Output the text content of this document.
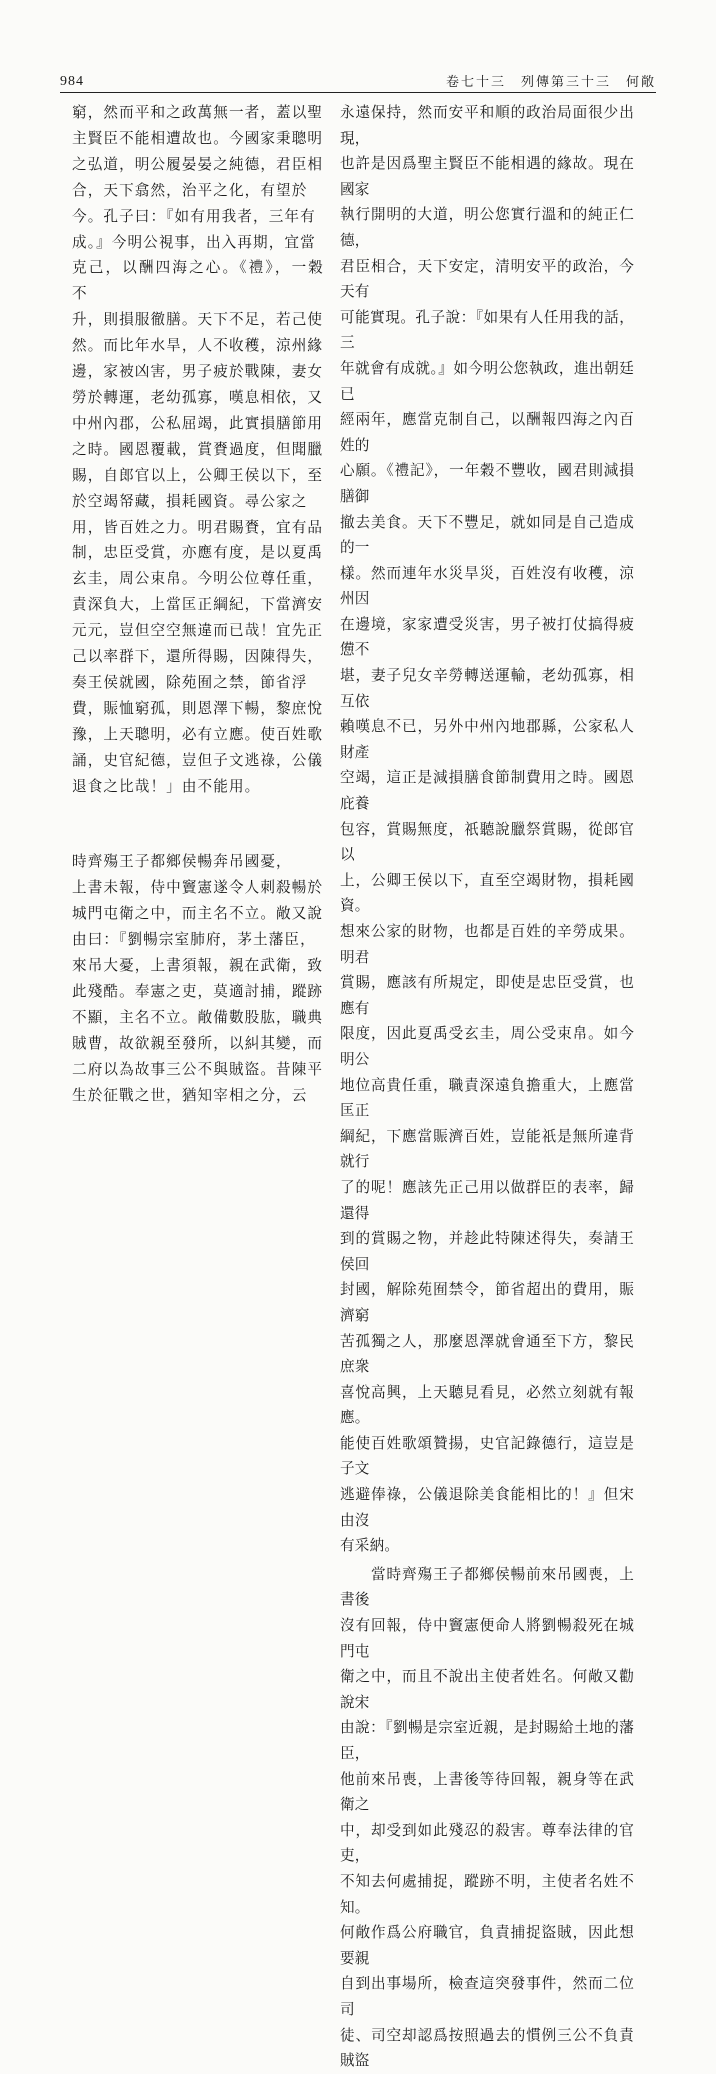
984	卷七十三　列傳第三十三　何敞

窮，然而平和之政萬無一者，蓋以聖
主賢臣不能相遭故也。今國家秉聰明
之弘道，明公履晏晏之純德，君臣相
合，天下翕然，治平之化，有望於
今。孔子曰：『如有用我者，三年有
成。』今明公視事，出入再期，宜當
克己，以酬四海之心。《禮》，一穀不
升，則損服徹膳。天下不足，若己使
然。而比年水旱，人不收穫，涼州緣
邊，家被凶害，男子疲於戰陳，妻女
勞於轉運，老幼孤寡，嘆息相依，又
中州內郡，公私屈竭，此實損膳節用
之時。國恩覆載，賞賚過度，但聞臘
賜，自郎官以上，公卿王侯以下，至
於空竭帑藏，損耗國資。尋公家之
用，皆百姓之力。明君賜賚，宜有品
制，忠臣受賞，亦應有度，是以夏禹
玄圭，周公束帛。今明公位尊任重，
責深負大，上當匡正綱紀，下當濟安
元元，豈但空空無違而已哉！宜先正
己以率群下，還所得賜，因陳得失，
奏王侯就國，除苑囿之禁，節省浮
費，賑恤窮孤，則恩澤下暢，黎庶悅
豫，上天聰明，必有立應。使百姓歌
誦，史官紀德，豈但子文逃祿，公儀
退食之比哉！」由不能用。

時齊殤王子都鄉侯暢奔吊國憂，
上書未報，侍中竇憲遂令人刺殺暢於
城門屯衛之中，而主名不立。敞又說
由曰：『劉暢宗室肺府，茅土藩臣，
來吊大憂，上書須報，親在武衛，致
此殘酷。奉憲之吏，莫適討捕，蹤跡
不顯，主名不立。敞備數股肱，職典
賊曹，故欲親至發所，以糾其變，而
二府以為故事三公不與賊盜。昔陳平
生於征戰之世，猶知宰相之分，云

永遠保持，然而安平和順的政治局面很少出現，
也許是因爲聖主賢臣不能相遇的緣故。現在國家
執行開明的大道，明公您實行溫和的純正仁德，
君臣相合，天下安定，清明安平的政治，今天有
可能實現。孔子說：『如果有人任用我的話，三
年就會有成就。』如今明公您執政，進出朝廷已
經兩年，應當克制自己，以酬報四海之內百姓的
心願。《禮記》，一年穀不豐收，國君則減損膳御
撤去美食。天下不豐足，就如同是自己造成的一
樣。然而連年水災旱災，百姓沒有收穫，涼州因
在邊境，家家遭受災害，男子被打仗搞得疲憊不
堪，妻子兒女辛勞轉送運輸，老幼孤寡，相互依
賴嘆息不已，另外中州內地郡縣，公家私人財產
空竭，這正是減損膳食節制費用之時。國恩庇養
包容，賞賜無度，祇聽說臘祭賞賜，從郎官以
上，公卿王侯以下，直至空竭財物，損耗國資。
想來公家的財物，也都是百姓的辛勞成果。明君
賞賜，應該有所規定，即使是忠臣受賞，也應有
限度，因此夏禹受玄圭，周公受束帛。如今明公
地位高貴任重，職責深遠負擔重大，上應當匡正
綱紀，下應當賑濟百姓，豈能祇是無所違背就行
了的呢！應該先正己用以做群臣的表率，歸還得
到的賞賜之物，并趁此特陳述得失，奏請王侯回
封國，解除苑囿禁令，節省超出的費用，賑濟窮
苦孤獨之人，那麼恩澤就會通至下方，黎民庶衆
喜悅高興，上天聽見看見，必然立刻就有報應。
能使百姓歌頌贊揚，史官記錄德行，這豈是子文
逃避俸祿，公儀退除美食能相比的！』但宋由沒
有采納。

　　當時齊殤王子都鄉侯暢前來吊國喪，上書後
沒有回報，侍中竇憲便命人將劉暢殺死在城門屯
衛之中，而且不說出主使者姓名。何敞又勸說宋
由說：『劉暢是宗室近親，是封賜給土地的藩臣，
他前來吊喪，上書後等待回報，親身等在武衛之
中，却受到如此殘忍的殺害。尊奉法律的官吏，
不知去何處捕捉，蹤跡不明，主使者名姓不知。
何敞作爲公府職官，負責捕捉盜賊，因此想要親
自到出事場所，檢查這突發事件，然而二位司
徒、司空却認爲按照過去的慣例三公不負責賊盜
